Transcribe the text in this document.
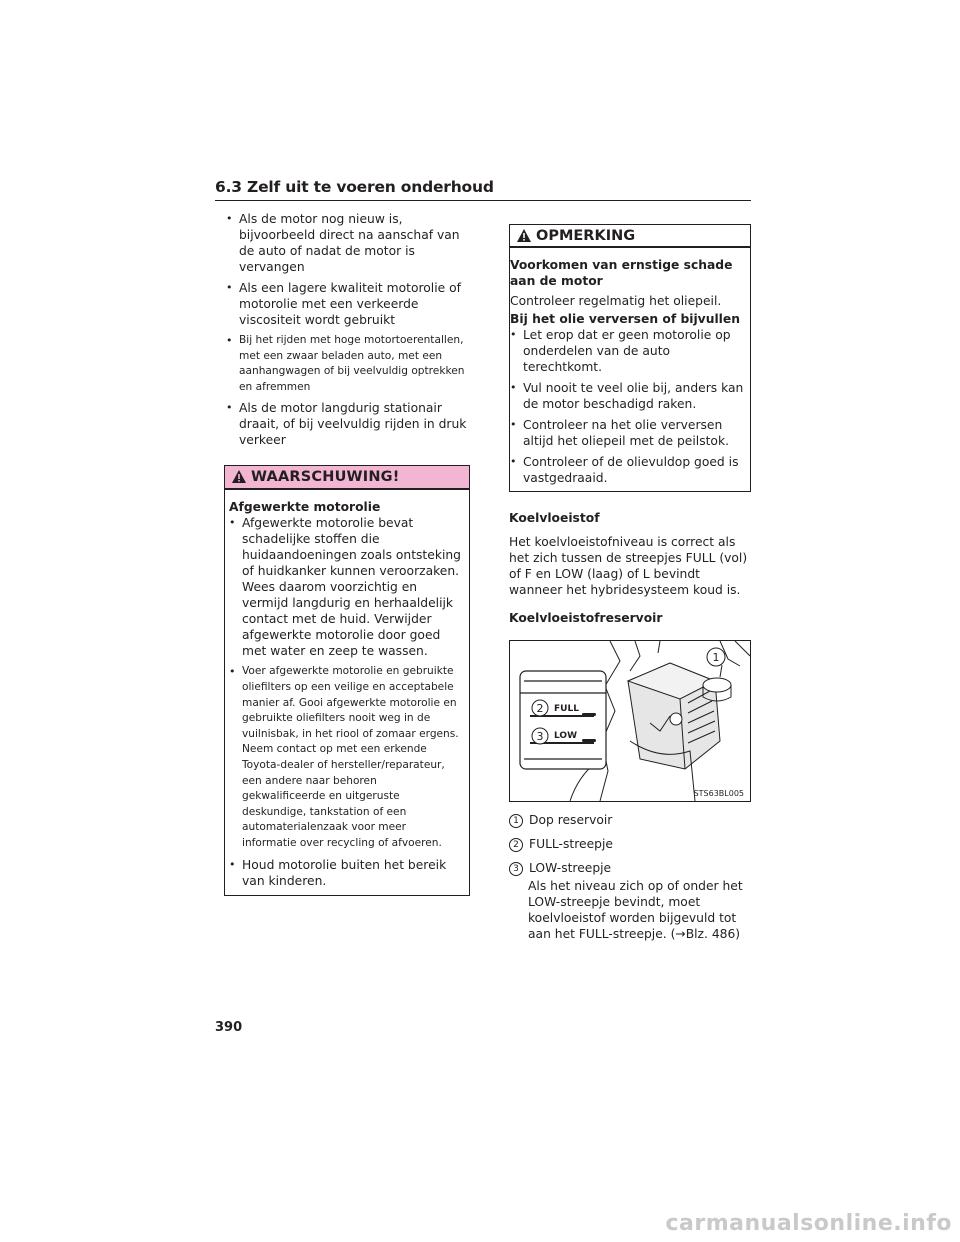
6.3 Zelf uit te voeren onderhoud
• Als de motor nog nieuw is, bijvoorbeeld direct na aanschaf van de auto of nadat de motor is vervangen
• Als een lagere kwaliteit motorolie of motorolie met een verkeerde viscositeit wordt gebruikt
• Bij het rijden met hoge motortoerentallen, met een zwaar beladen auto, met een aanhangwagen of bij veelvuldig optrekken en afremmen
• Als de motor langdurig stationair draait, of bij veelvuldig rijden in druk verkeer
WAARSCHUWING!

Afgewerkte motorolie

• Afgewerkte motorolie bevat schadelijke stoffen die huidaandoeningen zoals ontsteking of huidkanker kunnen veroorzaken. Wees daarom voorzichtig en vermijd langdurig en herhaaldelijk contact met de huid. Verwijder afgewerkte motorolie door goed met water en zeep te wassen.
• Voer afgewerkte motorolie en gebruikte oliefilters op een veilige en acceptabele manier af. Gooi afgewerkte motorolie en gebruikte oliefilters nooit weg in de vuilnisbak, in het riool of zomaar ergens. Neem contact op met een erkende Toyota-dealer of hersteller/reparateur, een andere naar behoren gekwalificeerde en uitgeruste deskundige, tankstation of een automaterialenzaak voor meer informatie over recycling of afvoeren.
• Houd motorolie buiten het bereik van kinderen.
OPMERKING

Voorkomen van ernstige schade aan de motor

Controleer regelmatig het oliepeil.

Bij het olie verversen of bijvullen

• Let erop dat er geen motorolie op onderdelen van de auto terechtkomt.
• Vul nooit te veel olie bij, anders kan de motor beschadigd raken.
• Controleer na het olie verversen altijd het oliepeil met de peilstok.
• Controleer of de olievuldop goed is vastgedraaid.

Koelvloeistof

Het koelvloeistofniveau is correct als het zich tussen de streepjes FULL (vol) of F en LOW (laag) of L bevindt wanneer het hybridesysteem koud is.

Koelvloeistofreservoir

2
3
1
FULL
LOW
STS63BL005
1 Dop reservoir
2 FULL-streepje
3 LOW-streepje

Als het niveau zich op of onder het LOW-streepje bevindt, moet koelvloeistof worden bijgevuld tot aan het FULL-streepje. (→Blz. 486)

390
carmanualsonline.info
